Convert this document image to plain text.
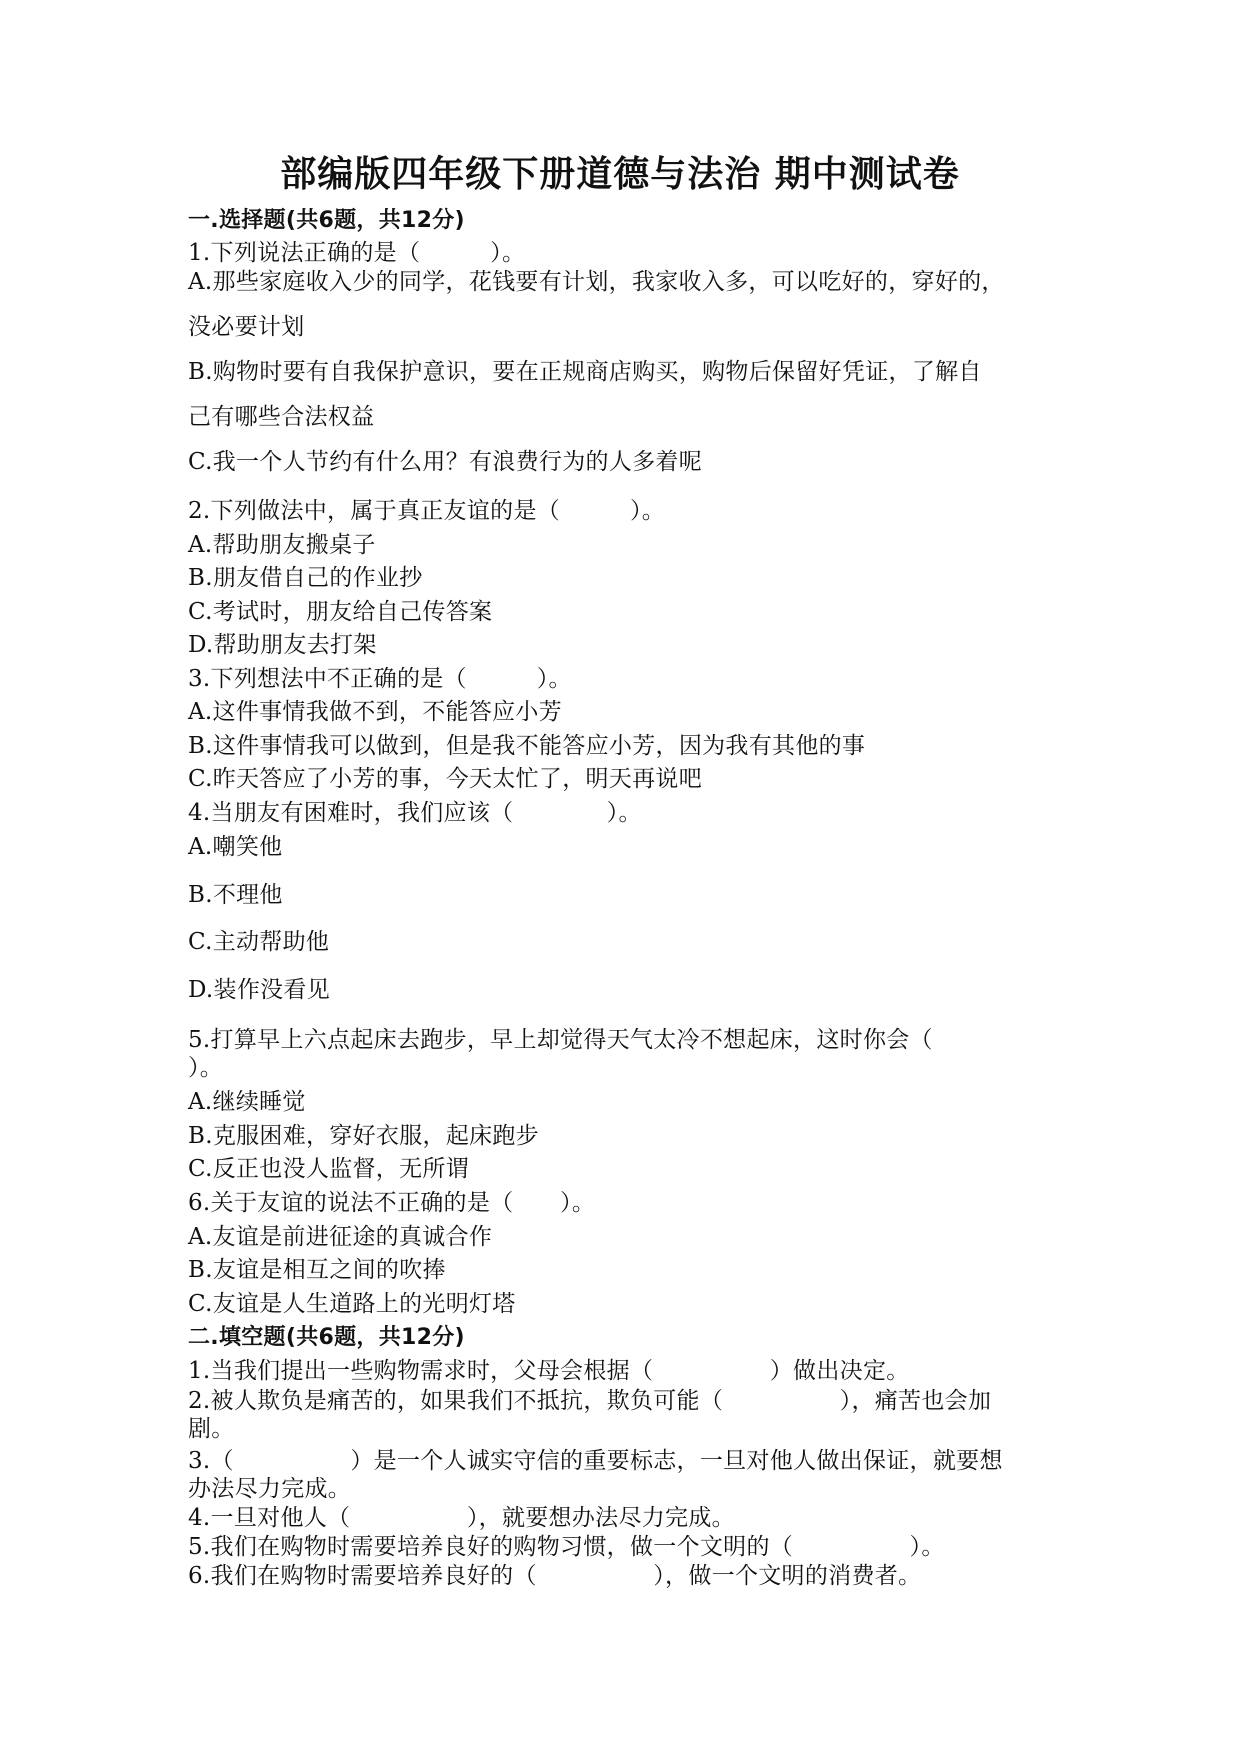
部编版四年级下册道德与法治 期中测试卷

一.选择题(共6题，共12分)

1.下列说法正确的是（　　　）。

A.那些家庭收入少的同学，花钱要有计划，我家收入多，可以吃好的，穿好的，

没必要计划

B.购物时要有自我保护意识，要在正规商店购买，购物后保留好凭证，了解自

己有哪些合法权益

C.我一个人节约有什么用？有浪费行为的人多着呢

2.下列做法中，属于真正友谊的是（　　　）。

A.帮助朋友搬桌子

B.朋友借自己的作业抄

C.考试时，朋友给自己传答案

D.帮助朋友去打架

3.下列想法中不正确的是（　　　）。

A.这件事情我做不到，不能答应小芳

B.这件事情我可以做到，但是我不能答应小芳，因为我有其他的事

C.昨天答应了小芳的事，今天太忙了，明天再说吧

4.当朋友有困难时，我们应该（　　　　）。

A.嘲笑他

B.不理他

C.主动帮助他

D.装作没看见

5.打算早上六点起床去跑步，早上却觉得天气太冷不想起床，这时你会（

）。

A.继续睡觉

B.克服困难，穿好衣服，起床跑步

C.反正也没人监督，无所谓

6.关于友谊的说法不正确的是（　　）。

A.友谊是前进征途的真诚合作

B.友谊是相互之间的吹捧

C.友谊是人生道路上的光明灯塔

二.填空题(共6题，共12分)

1.当我们提出一些购物需求时，父母会根据（　　　　　）做出决定。

2.被人欺负是痛苦的，如果我们不抵抗，欺负可能（　　　　　），痛苦也会加

剧。

3.（　　　　　）是一个人诚实守信的重要标志，一旦对他人做出保证，就要想

办法尽力完成。

4.一旦对他人（　　　　　），就要想办法尽力完成。

5.我们在购物时需要培养良好的购物习惯，做一个文明的（　　　　　）。

6.我们在购物时需要培养良好的（　　　　　），做一个文明的消费者。
